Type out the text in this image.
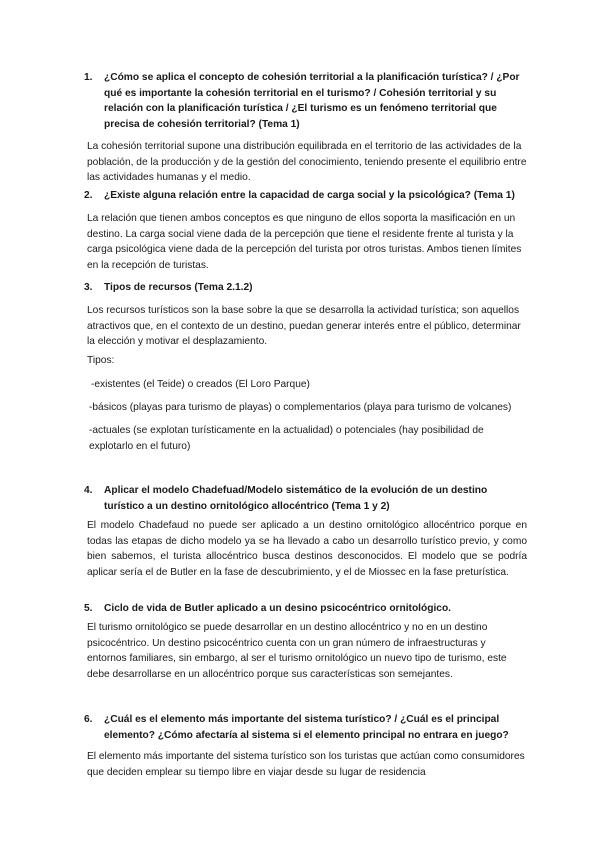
1. ¿Cómo se aplica el concepto de cohesión territorial a la planificación turística? / ¿Por qué es importante la cohesión territorial en el turismo? / Cohesión territorial y su relación con la planificación turística / ¿El turismo es un fenómeno territorial que precisa de cohesión territorial? (Tema 1)
La cohesión territorial supone una distribución equilibrada en el territorio de las actividades de la población, de la producción y de la gestión del conocimiento, teniendo presente el equilibrio entre las actividades humanas y el medio.
2. ¿Existe alguna relación entre la capacidad de carga social y la psicológica? (Tema 1)
La relación que tienen ambos conceptos es que ninguno de ellos soporta la masificación en un destino. La carga social viene dada de la percepción que tiene el residente frente al turista y la carga psicológica viene dada de la percepción del turista por otros turistas. Ambos tienen límites en la recepción de turistas.
3. Tipos de recursos (Tema 2.1.2)
Los recursos turísticos son la base sobre la que se desarrolla la actividad turística; son aquellos atractivos que, en el contexto de un destino, puedan generar interés entre el público, determinar la elección y motivar el desplazamiento.
Tipos:
-existentes (el Teide) o creados (El Loro Parque)
-básicos (playas para turismo de playas) o complementarios (playa para turismo de volcanes)
-actuales (se explotan turísticamente en la actualidad) o potenciales (hay posibilidad de explotarlo en el futuro)
4. Aplicar el modelo Chadefuad/Modelo sistemático de la evolución de un destino turístico a un destino ornitológico allocéntrico (Tema 1 y 2)
El modelo Chadefaud no puede ser aplicado a un destino ornitológico allocéntrico porque en todas las etapas de dicho modelo ya se ha llevado a cabo un desarrollo turístico previo, y como bien sabemos, el turista allocéntrico busca destinos desconocidos. El modelo que se podría aplicar sería el de Butler en la fase de descubrimiento, y el de Miossec en la fase preturística.
5. Ciclo de vida de Butler aplicado a un desino psicocéntrico ornitológico.
El turismo ornitológico se puede desarrollar en un destino allocéntrico y no en un destino psicocéntrico. Un destino psicocéntrico cuenta con un gran número de infraestructuras y entornos familiares, sin embargo, al ser el turismo ornitológico un nuevo tipo de turismo, este debe desarrollarse en un allocéntrico porque sus características son semejantes.
6. ¿Cuál es el elemento más importante del sistema turístico? / ¿Cuál es el principal elemento? ¿Cómo afectaría al sistema si el elemento principal no entrara en juego?
El elemento más importante del sistema turístico son los turistas que actúan como consumidores que deciden emplear su tiempo libre en viajar desde su lugar de residencia
